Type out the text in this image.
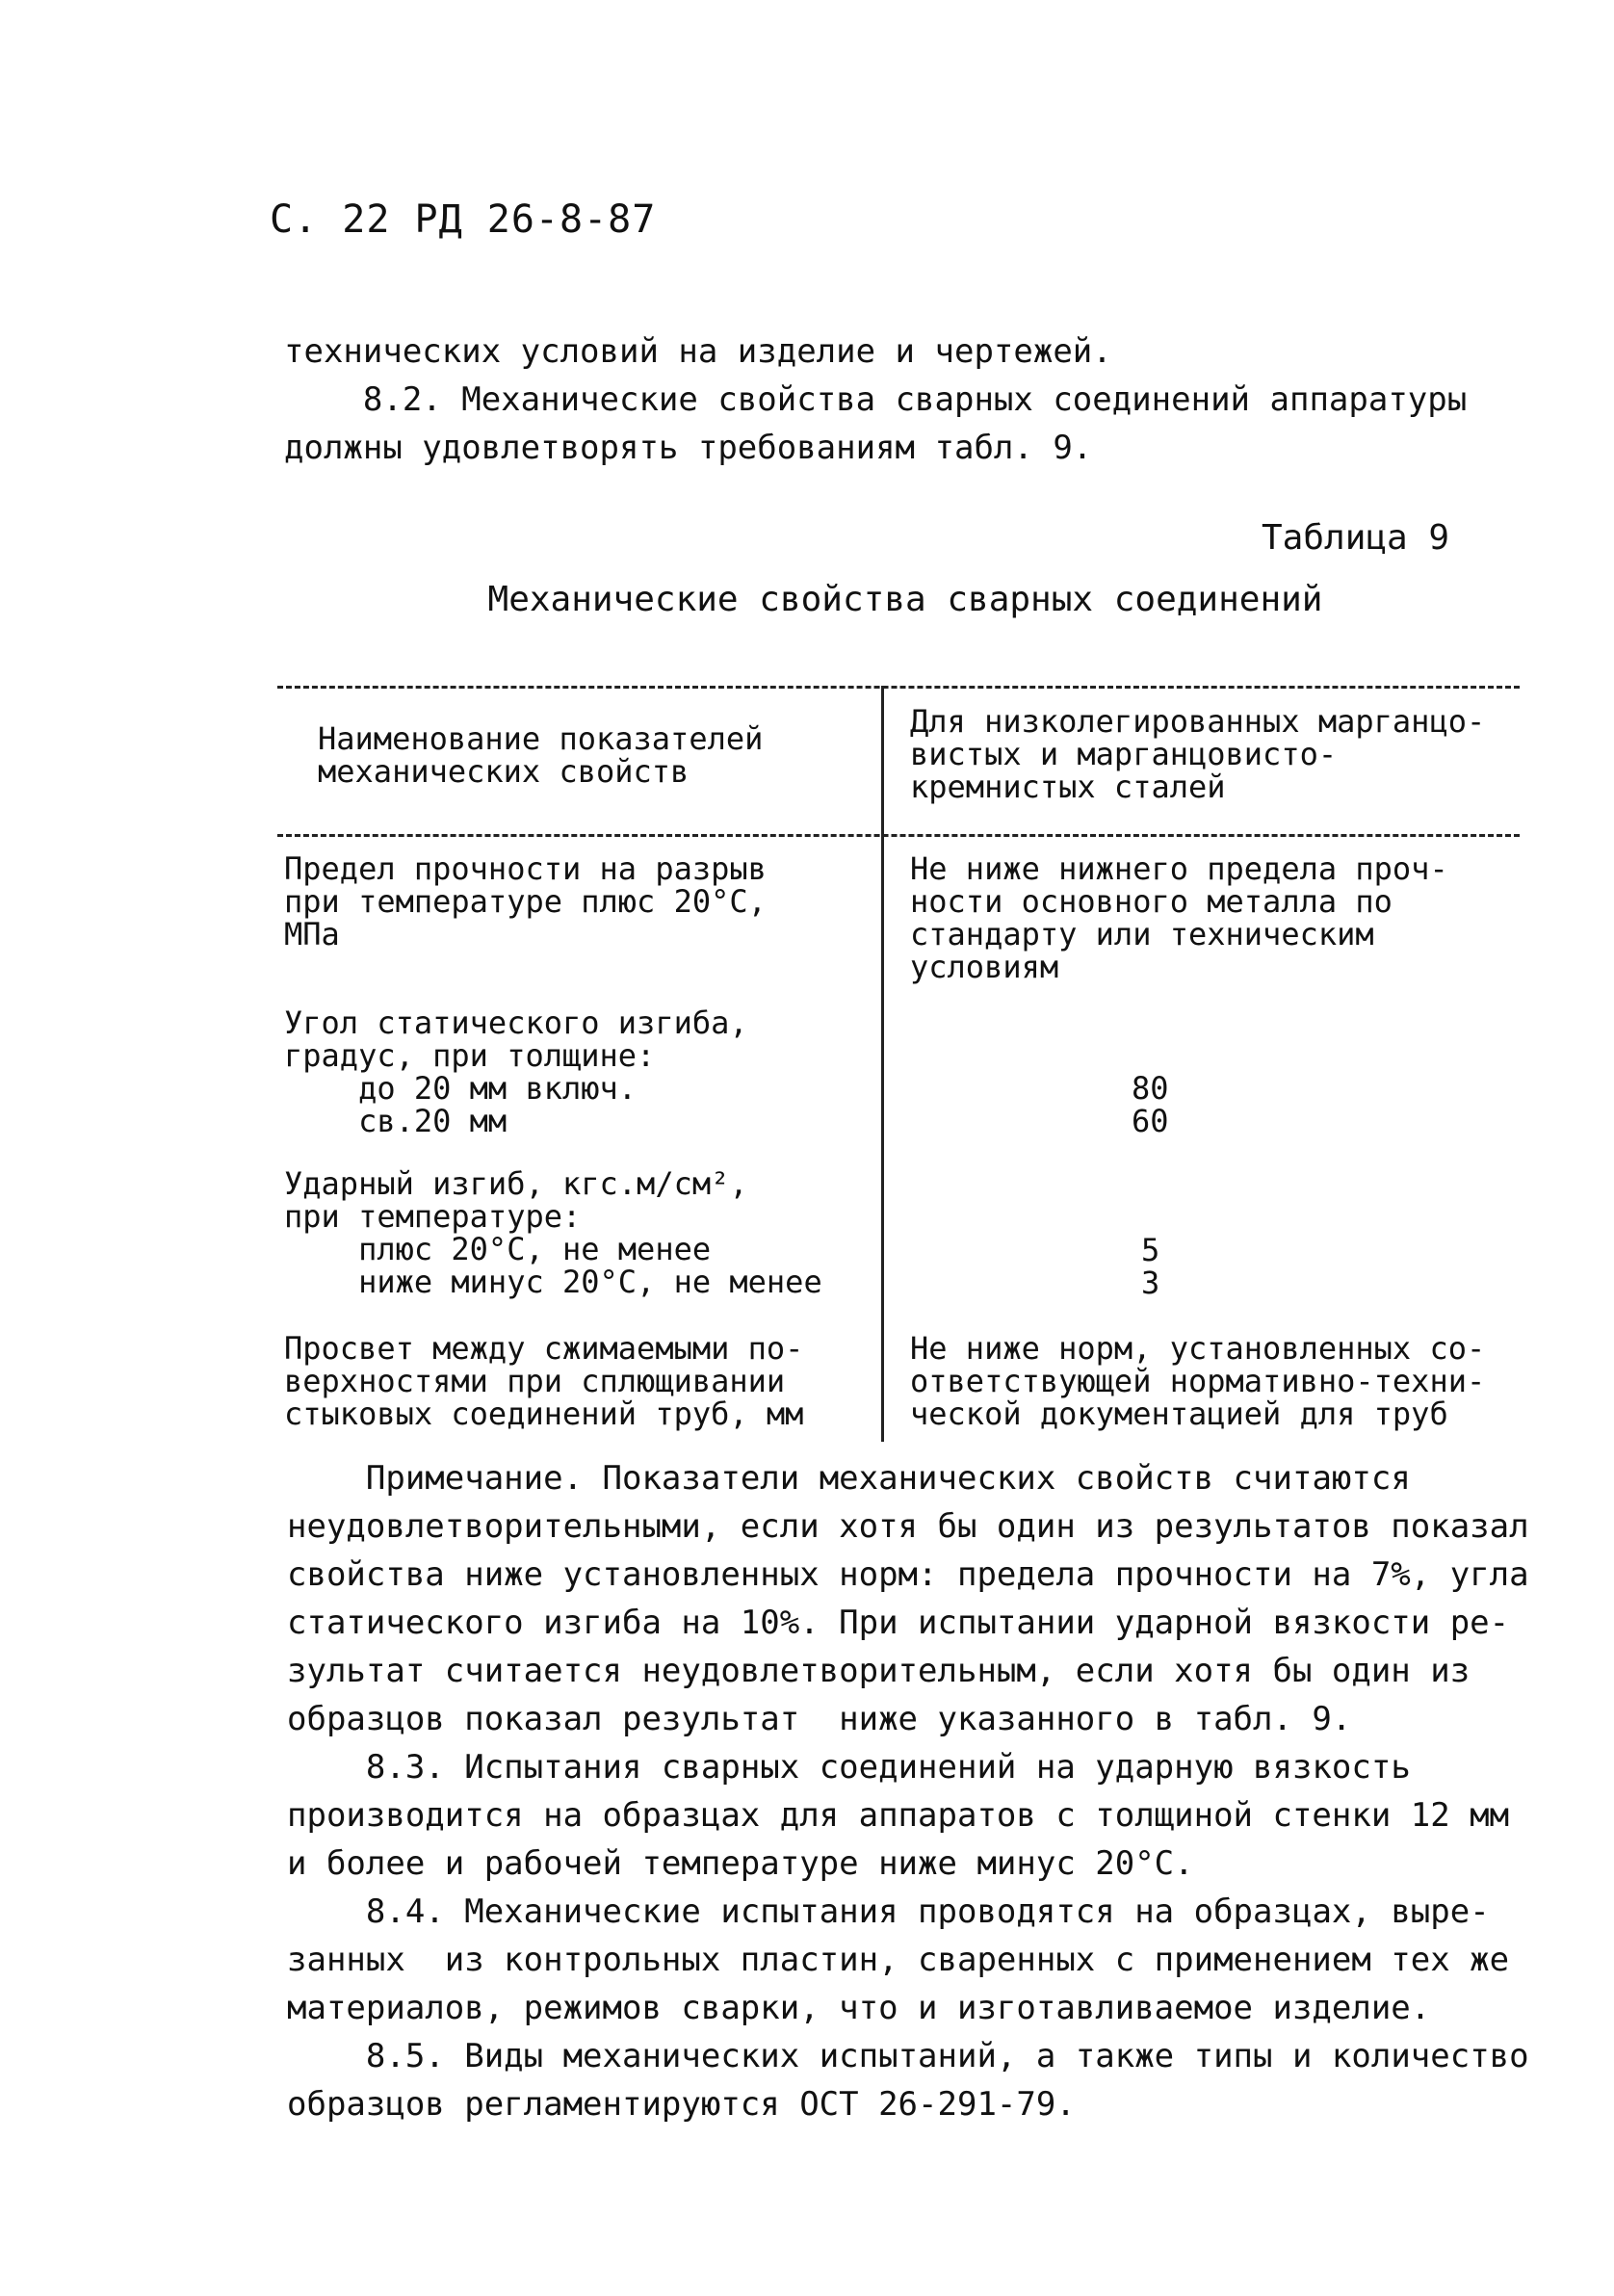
С. 22 РД 26-8-87
технических условий на изделие и чертежей.
8.2. Механические свойства сварных соединений аппаратуры
должны удовлетворять требованиям табл. 9.
Таблица 9
Механические свойства сварных соединений
Наименование показателей
механических свойств
Для низколегированных марганцо-
вистых и марганцовисто-
кремнистых сталей
Предел прочности на разрыв
при температуре плюс 20°С,
МПа
Не ниже нижнего предела проч-
ности основного металла по
стандарту или техническим
условиям
Угол статического изгиба,
градус, при толщине:
до 20 мм включ.
св.20 мм
80
60
Ударный изгиб, кгс.м/см²,
при температуре:
плюс 20°С, не менее
ниже минус 20°С, не менее
5
3
Просвет между сжимаемыми по-
верхностями при сплющивании
стыковых соединений труб, мм
Не ниже норм, установленных со-
ответствующей нормативно-техни-
ческой документацией для труб
Примечание. Показатели механических свойств считаются
неудовлетворительными, если хотя бы один из результатов показал
свойства ниже установленных норм: предела прочности на 7%, угла
статического изгиба на 10%. При испытании ударной вязкости ре-
зультат считается неудовлетворительным, если хотя бы один из
образцов показал результат  ниже указанного в табл. 9.
8.3. Испытания сварных соединений на ударную вязкость
производится на образцах для аппаратов с толщиной стенки 12 мм
и более и рабочей температуре ниже минус 20°С.
8.4. Механические испытания проводятся на образцах, выре-
занных  из контрольных пластин, сваренных с применением тех же
материалов, режимов сварки, что и изготавливаемое изделие.
8.5. Виды механических испытаний, а также типы и количество
образцов регламентируются ОСТ 26-291-79.
